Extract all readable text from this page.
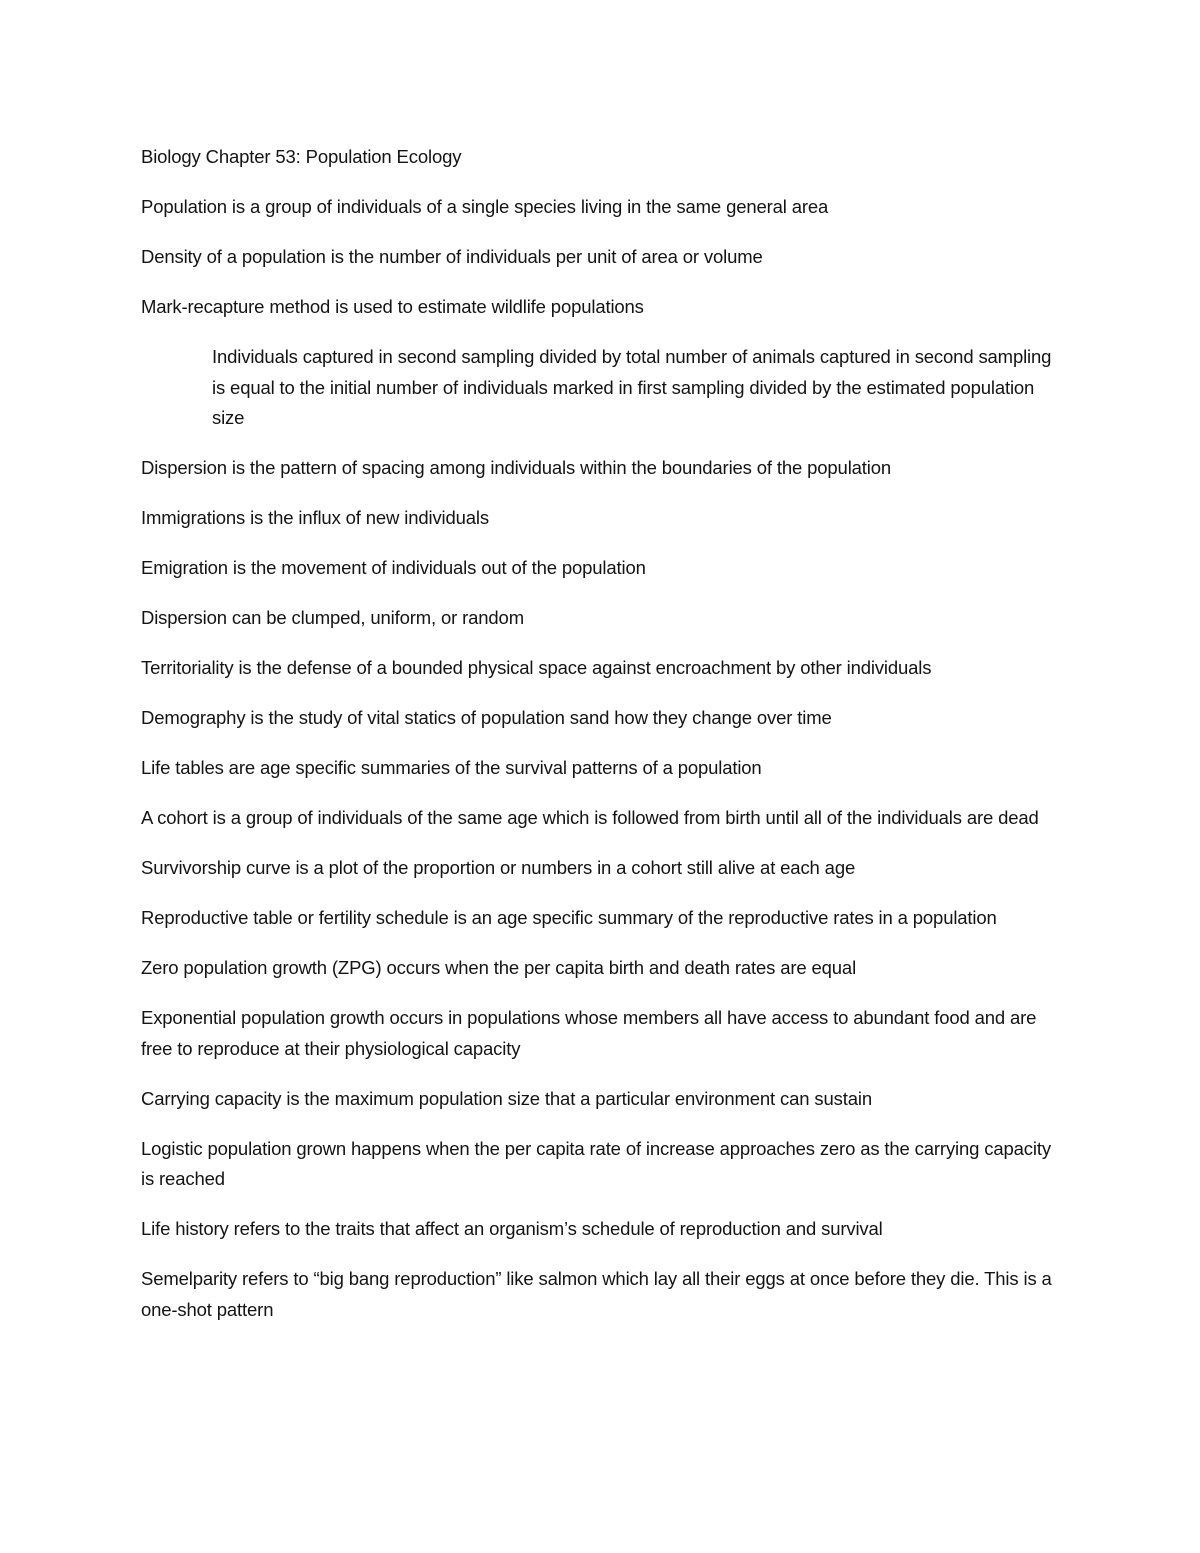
Biology Chapter 53: Population Ecology

Population is a group of individuals of a single species living in the same general area

Density of a population is the number of individuals per unit of area or volume

Mark-recapture method is used to estimate wildlife populations

Individuals captured in second sampling divided by total number of animals captured in second sampling is equal to the initial number of individuals marked in first sampling divided by the estimated population size

Dispersion is the pattern of spacing among individuals within the boundaries of the population

Immigrations is the influx of new individuals

Emigration is the movement of individuals out of the population

Dispersion can be clumped, uniform, or random

Territoriality is the defense of a bounded physical space against encroachment by other individuals

Demography is the study of vital statics of population sand how they change over time

Life tables are age specific summaries of the survival patterns of a population

A cohort is a group of individuals of the same age which is followed from birth until all of the individuals are dead

Survivorship curve is a plot of the proportion or numbers in a cohort still alive at each age

Reproductive table or fertility schedule is an age specific summary of the reproductive rates in a population

Zero population growth (ZPG) occurs when the per capita birth and death rates are equal

Exponential population growth occurs in populations whose members all have access to abundant food and are free to reproduce at their physiological capacity

Carrying capacity is the maximum population size that a particular environment can sustain

Logistic population grown happens when the per capita rate of increase approaches zero as the carrying capacity is reached

Life history refers to the traits that affect an organism’s schedule of reproduction and survival

Semelparity refers to “big bang reproduction” like salmon which lay all their eggs at once before they die. This is a one-shot pattern
